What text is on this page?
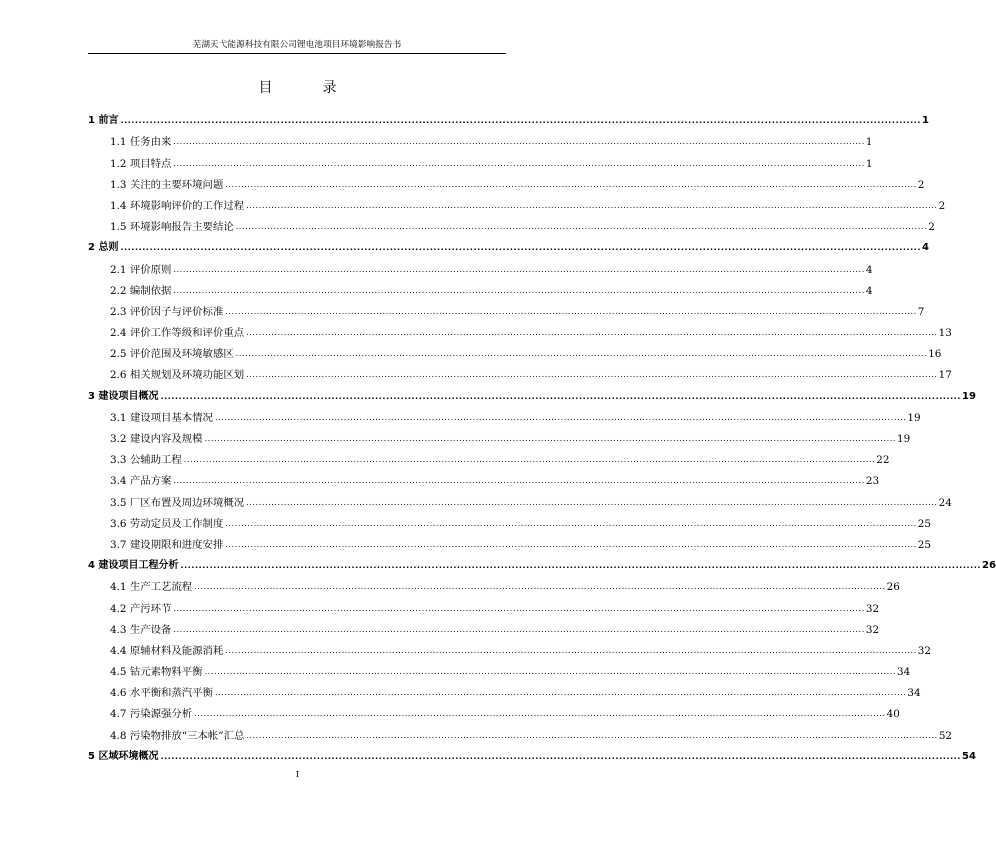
芜湖天弋能源科技有限公司锂电池项目环境影响报告书
目　录
1 前言 ............................................................................................................................................................................................................................ 1
1.1 任务由来 ............................................................................................................................................................................................................................ 1
1.2 项目特点 ............................................................................................................................................................................................................................ 1
1.3 关注的主要环境问题 ............................................................................................................................................................................................................................ 2
1.4 环境影响评价的工作过程 ............................................................................................................................................................................................................................ 2
1.5 环境影响报告主要结论 ............................................................................................................................................................................................................................ 2
2 总则 ............................................................................................................................................................................................................................ 4
2.1 评价原则 ............................................................................................................................................................................................................................ 4
2.2 编制依据 ............................................................................................................................................................................................................................ 4
2.3 评价因子与评价标准 ............................................................................................................................................................................................................................ 7
2.4 评价工作等级和评价重点 ............................................................................................................................................................................................................................ 13
2.5 评价范围及环境敏感区 ............................................................................................................................................................................................................................ 16
2.6 相关规划及环境功能区划 ............................................................................................................................................................................................................................ 17
3 建设项目概况 ............................................................................................................................................................................................................................ 19
3.1 建设项目基本情况 ............................................................................................................................................................................................................................ 19
3.2 建设内容及规模 ............................................................................................................................................................................................................................ 19
3.3 公辅助工程 ............................................................................................................................................................................................................................ 22
3.4 产品方案 ............................................................................................................................................................................................................................ 23
3.5 厂区布置及周边环境概况 ............................................................................................................................................................................................................................ 24
3.6 劳动定员及工作制度 ............................................................................................................................................................................................................................ 25
3.7 建设期限和进度安排 ............................................................................................................................................................................................................................ 25
4 建设项目工程分析 ............................................................................................................................................................................................................................ 26
4.1 生产工艺流程 ............................................................................................................................................................................................................................ 26
4.2 产污环节 ............................................................................................................................................................................................................................ 32
4.3 生产设备 ............................................................................................................................................................................................................................ 32
4.4 原辅材料及能源消耗 ............................................................................................................................................................................................................................ 32
4.5 钴元素物料平衡 ............................................................................................................................................................................................................................ 34
4.6 水平衡和蒸汽平衡 ............................................................................................................................................................................................................................ 34
4.7 污染源强分析 ............................................................................................................................................................................................................................ 40
4.8 污染物排放“三本帐”汇总 ............................................................................................................................................................................................................................ 52
5 区域环境概况 ............................................................................................................................................................................................................................ 54
I
